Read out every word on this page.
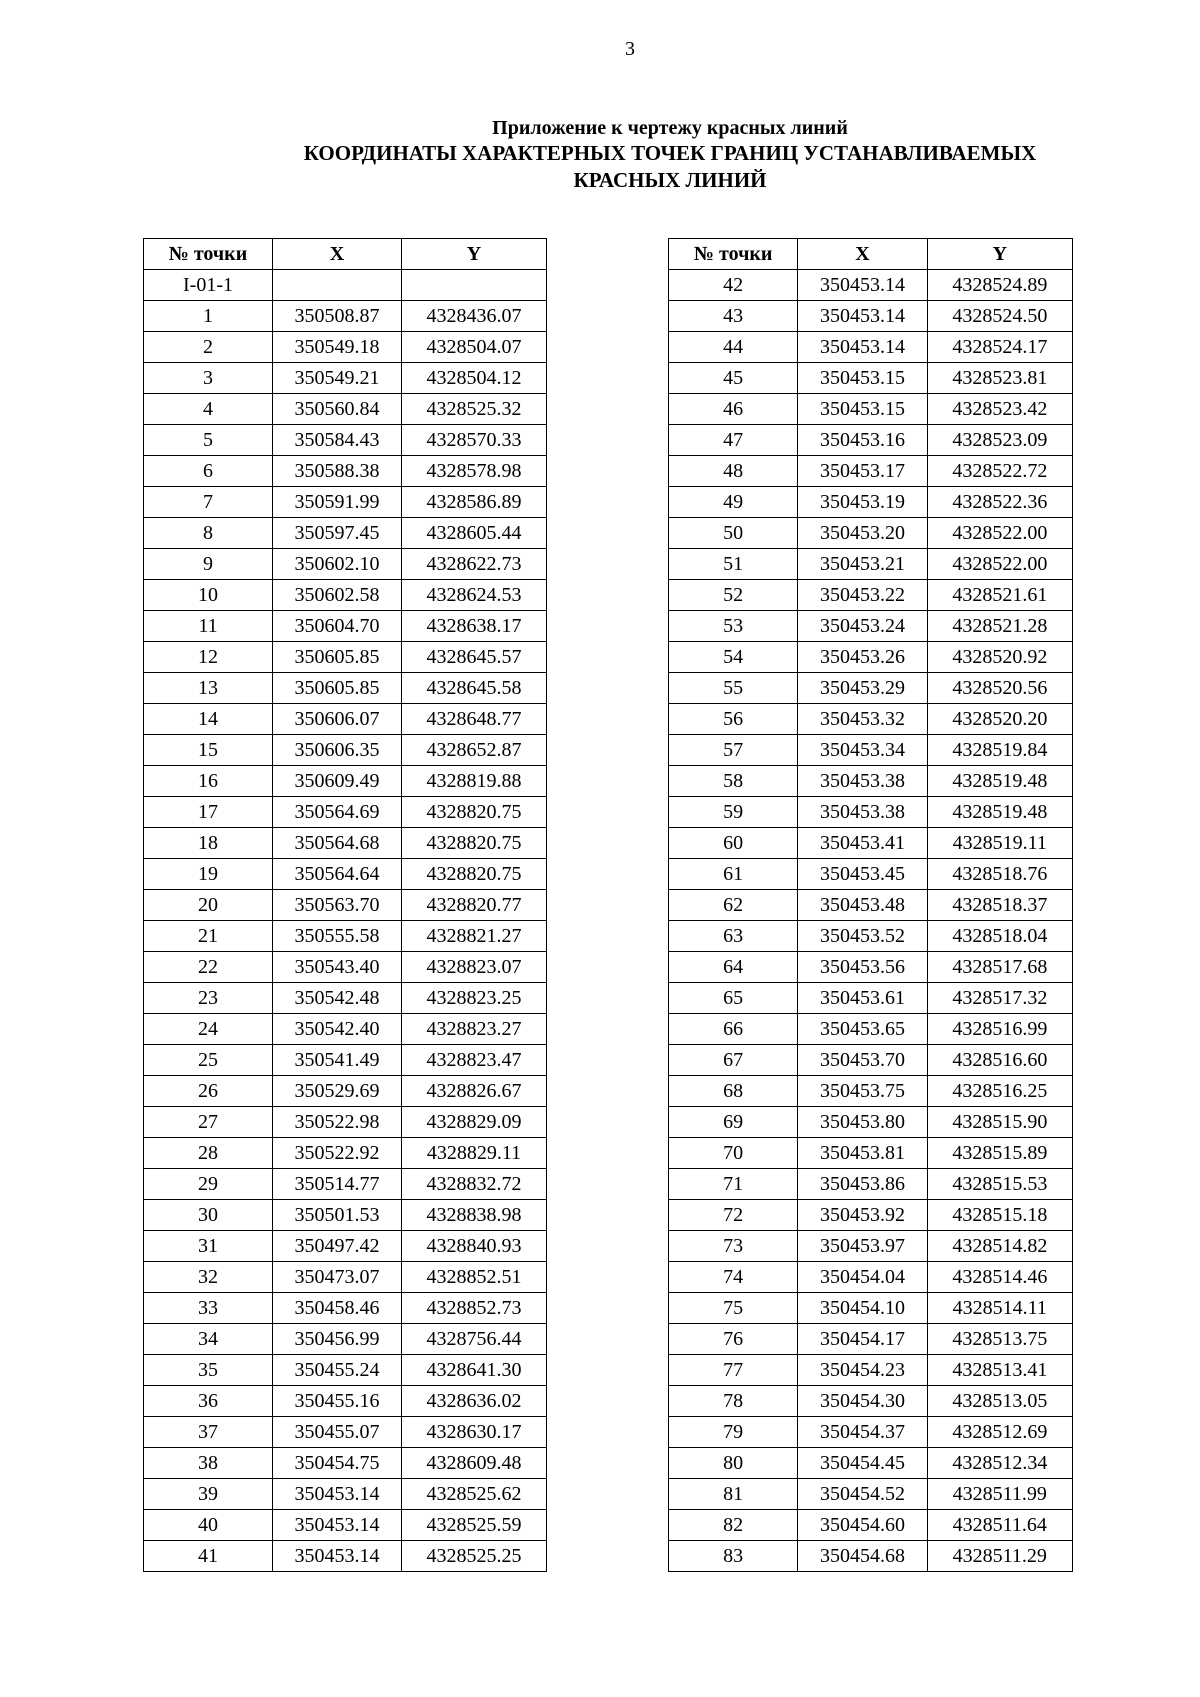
3
Приложение к чертежу красных линий
КООРДИНАТЫ ХАРАКТЕРНЫХ ТОЧЕК ГРАНИЦ УСТАНАВЛИВАЕМЫХ
КРАСНЫХ ЛИНИЙ
№ точки	X	Y
I-01-1		
1	350508.87	4328436.07
2	350549.18	4328504.07
3	350549.21	4328504.12
4	350560.84	4328525.32
5	350584.43	4328570.33
6	350588.38	4328578.98
7	350591.99	4328586.89
8	350597.45	4328605.44
9	350602.10	4328622.73
10	350602.58	4328624.53
11	350604.70	4328638.17
12	350605.85	4328645.57
13	350605.85	4328645.58
14	350606.07	4328648.77
15	350606.35	4328652.87
16	350609.49	4328819.88
17	350564.69	4328820.75
18	350564.68	4328820.75
19	350564.64	4328820.75
20	350563.70	4328820.77
21	350555.58	4328821.27
22	350543.40	4328823.07
23	350542.48	4328823.25
24	350542.40	4328823.27
25	350541.49	4328823.47
26	350529.69	4328826.67
27	350522.98	4328829.09
28	350522.92	4328829.11
29	350514.77	4328832.72
30	350501.53	4328838.98
31	350497.42	4328840.93
32	350473.07	4328852.51
33	350458.46	4328852.73
34	350456.99	4328756.44
35	350455.24	4328641.30
36	350455.16	4328636.02
37	350455.07	4328630.17
38	350454.75	4328609.48
39	350453.14	4328525.62
40	350453.14	4328525.59
41	350453.14	4328525.25
№ точки	X	Y
42	350453.14	4328524.89
43	350453.14	4328524.50
44	350453.14	4328524.17
45	350453.15	4328523.81
46	350453.15	4328523.42
47	350453.16	4328523.09
48	350453.17	4328522.72
49	350453.19	4328522.36
50	350453.20	4328522.00
51	350453.21	4328522.00
52	350453.22	4328521.61
53	350453.24	4328521.28
54	350453.26	4328520.92
55	350453.29	4328520.56
56	350453.32	4328520.20
57	350453.34	4328519.84
58	350453.38	4328519.48
59	350453.38	4328519.48
60	350453.41	4328519.11
61	350453.45	4328518.76
62	350453.48	4328518.37
63	350453.52	4328518.04
64	350453.56	4328517.68
65	350453.61	4328517.32
66	350453.65	4328516.99
67	350453.70	4328516.60
68	350453.75	4328516.25
69	350453.80	4328515.90
70	350453.81	4328515.89
71	350453.86	4328515.53
72	350453.92	4328515.18
73	350453.97	4328514.82
74	350454.04	4328514.46
75	350454.10	4328514.11
76	350454.17	4328513.75
77	350454.23	4328513.41
78	350454.30	4328513.05
79	350454.37	4328512.69
80	350454.45	4328512.34
81	350454.52	4328511.99
82	350454.60	4328511.64
83	350454.68	4328511.29
